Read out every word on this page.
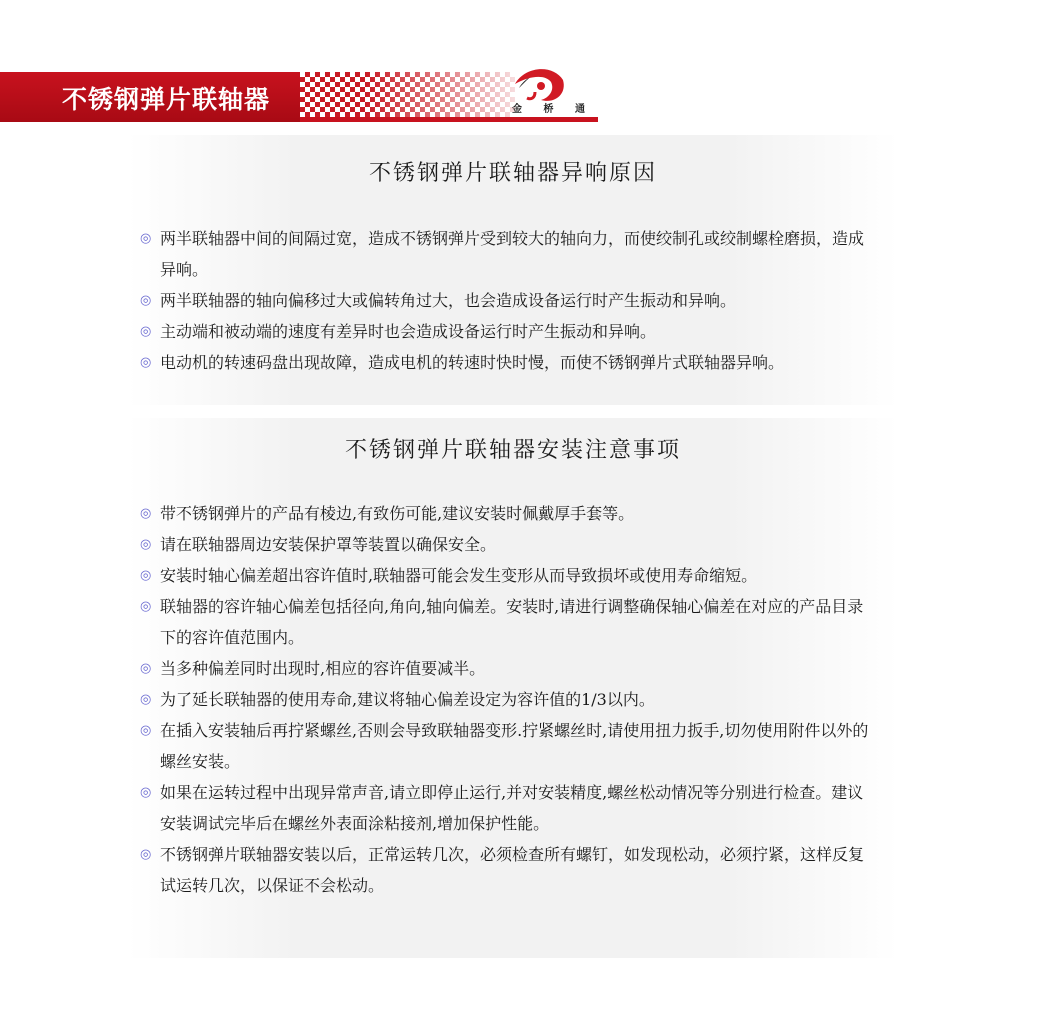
不锈钢弹片联轴器	金 桥 通
不锈钢弹片联轴器异响原因
◎ 两半联轴器中间的间隔过宽，造成不锈钢弹片受到较大的轴向力，而使绞制孔或绞制螺栓磨损，造成异响。
◎ 两半联轴器的轴向偏移过大或偏转角过大，也会造成设备运行时产生振动和异响。
◎ 主动端和被动端的速度有差异时也会造成设备运行时产生振动和异响。
◎ 电动机的转速码盘出现故障，造成电机的转速时快时慢，而使不锈钢弹片式联轴器异响。
不锈钢弹片联轴器安装注意事项
◎ 带不锈钢弹片的产品有棱边,有致伤可能,建议安装时佩戴厚手套等。
◎ 请在联轴器周边安装保护罩等装置以确保安全。
◎ 安装时轴心偏差超出容许值时,联轴器可能会发生变形从而导致损坏或使用寿命缩短。
◎ 联轴器的容许轴心偏差包括径向,角向,轴向偏差。安装时,请进行调整确保轴心偏差在对应的产品目录下的容许值范围内。
◎ 当多种偏差同时出现时,相应的容许值要减半。
◎ 为了延长联轴器的使用寿命,建议将轴心偏差设定为容许值的1/3以内。
◎ 在插入安装轴后再拧紧螺丝,否则会导致联轴器变形.拧紧螺丝时,请使用扭力扳手,切勿使用附件以外的螺丝安装。
◎ 如果在运转过程中出现异常声音,请立即停止运行,并对安装精度,螺丝松动情况等分别进行检查。建议安装调试完毕后在螺丝外表面涂粘接剂,增加保护性能。
◎ 不锈钢弹片联轴器安装以后，正常运转几次，必须检查所有螺钉，如发现松动，必须拧紧，这样反复试运转几次，以保证不会松动。
